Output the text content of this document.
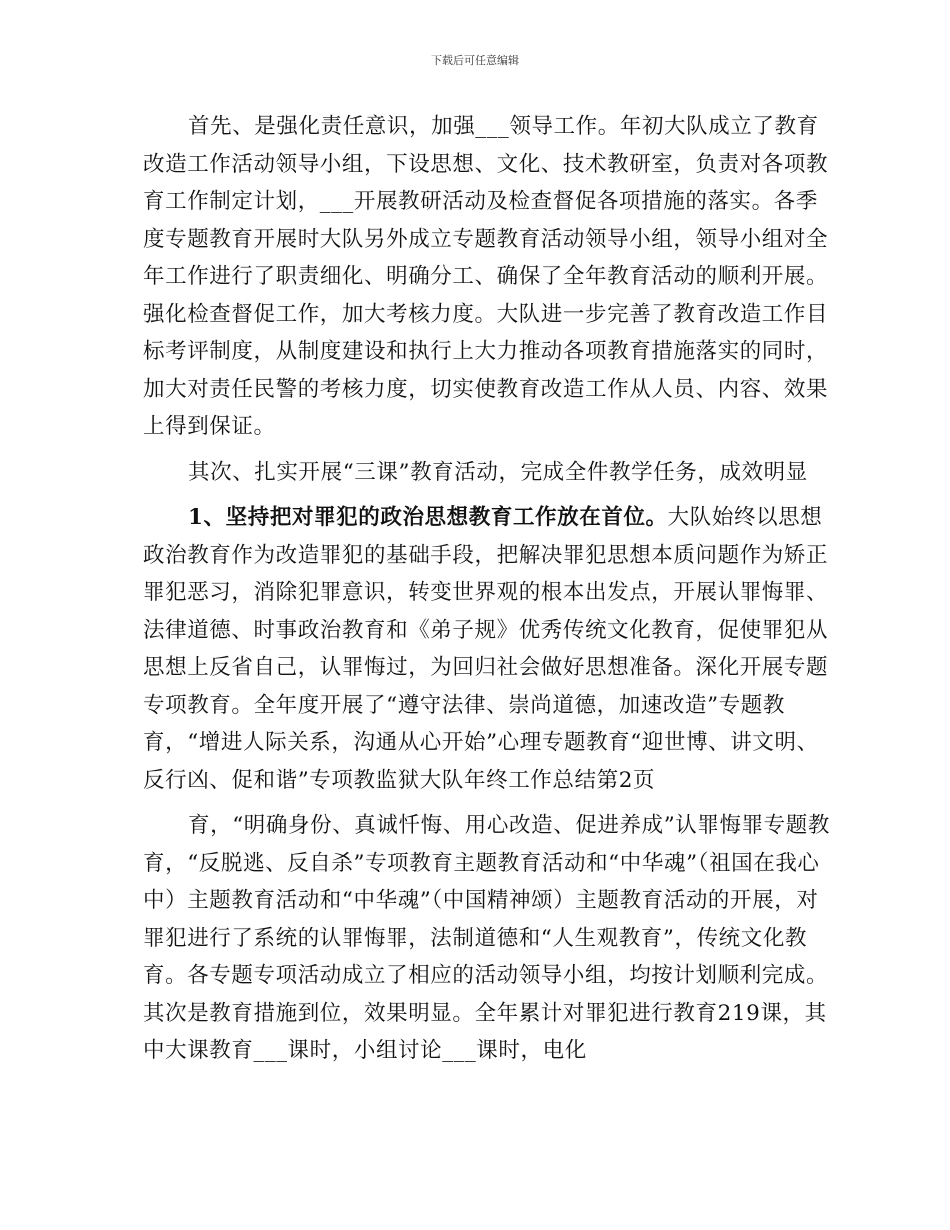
下载后可任意编辑

首先、是强化责任意识，加强___领导工作。年初大队成立了教育改造工作活动领导小组，下设思想、文化、技术教研室，负责对各项教育工作制定计划，___开展教研活动及检查督促各项措施的落实。各季度专题教育开展时大队另外成立专题教育活动领导小组，领导小组对全年工作进行了职责细化、明确分工、确保了全年教育活动的顺利开展。强化检查督促工作，加大考核力度。大队进一步完善了教育改造工作目标考评制度，从制度建设和执行上大力推动各项教育措施落实的同时，加大对责任民警的考核力度，切实使教育改造工作从人员、内容、效果上得到保证。

其次、扎实开展“三课”教育活动，完成全件教学任务，成效明显

1、坚持把对罪犯的政治思想教育工作放在首位。大队始终以思想政治教育作为改造罪犯的基础手段，把解决罪犯思想本质问题作为矫正罪犯恶习，消除犯罪意识，转变世界观的根本出发点，开展认罪悔罪、法律道德、时事政治教育和《弟子规》优秀传统文化教育，促使罪犯从思想上反省自己，认罪悔过，为回归社会做好思想准备。深化开展专题专项教育。全年度开展了“遵守法律、崇尚道德，加速改造”专题教育，“增进人际关系，沟通从心开始”心理专题教育“迎世博、讲文明、反行凶、促和谐”专项教监狱大队年终工作总结第2页

育，“明确身份、真诚忏悔、用心改造、促进养成”认罪悔罪专题教育，“反脱逃、反自杀”专项教育主题教育活动和“中华魂”（祖国在我心中）主题教育活动和“中华魂”（中国精神颂）主题教育活动的开展，对罪犯进行了系统的认罪悔罪，法制道德和“人生观教育”，传统文化教育。各专题专项活动成立了相应的活动领导小组，均按计划顺利完成。其次是教育措施到位，效果明显。全年累计对罪犯进行教育219课，其中大课教育___课时，小组讨论___课时，电化
